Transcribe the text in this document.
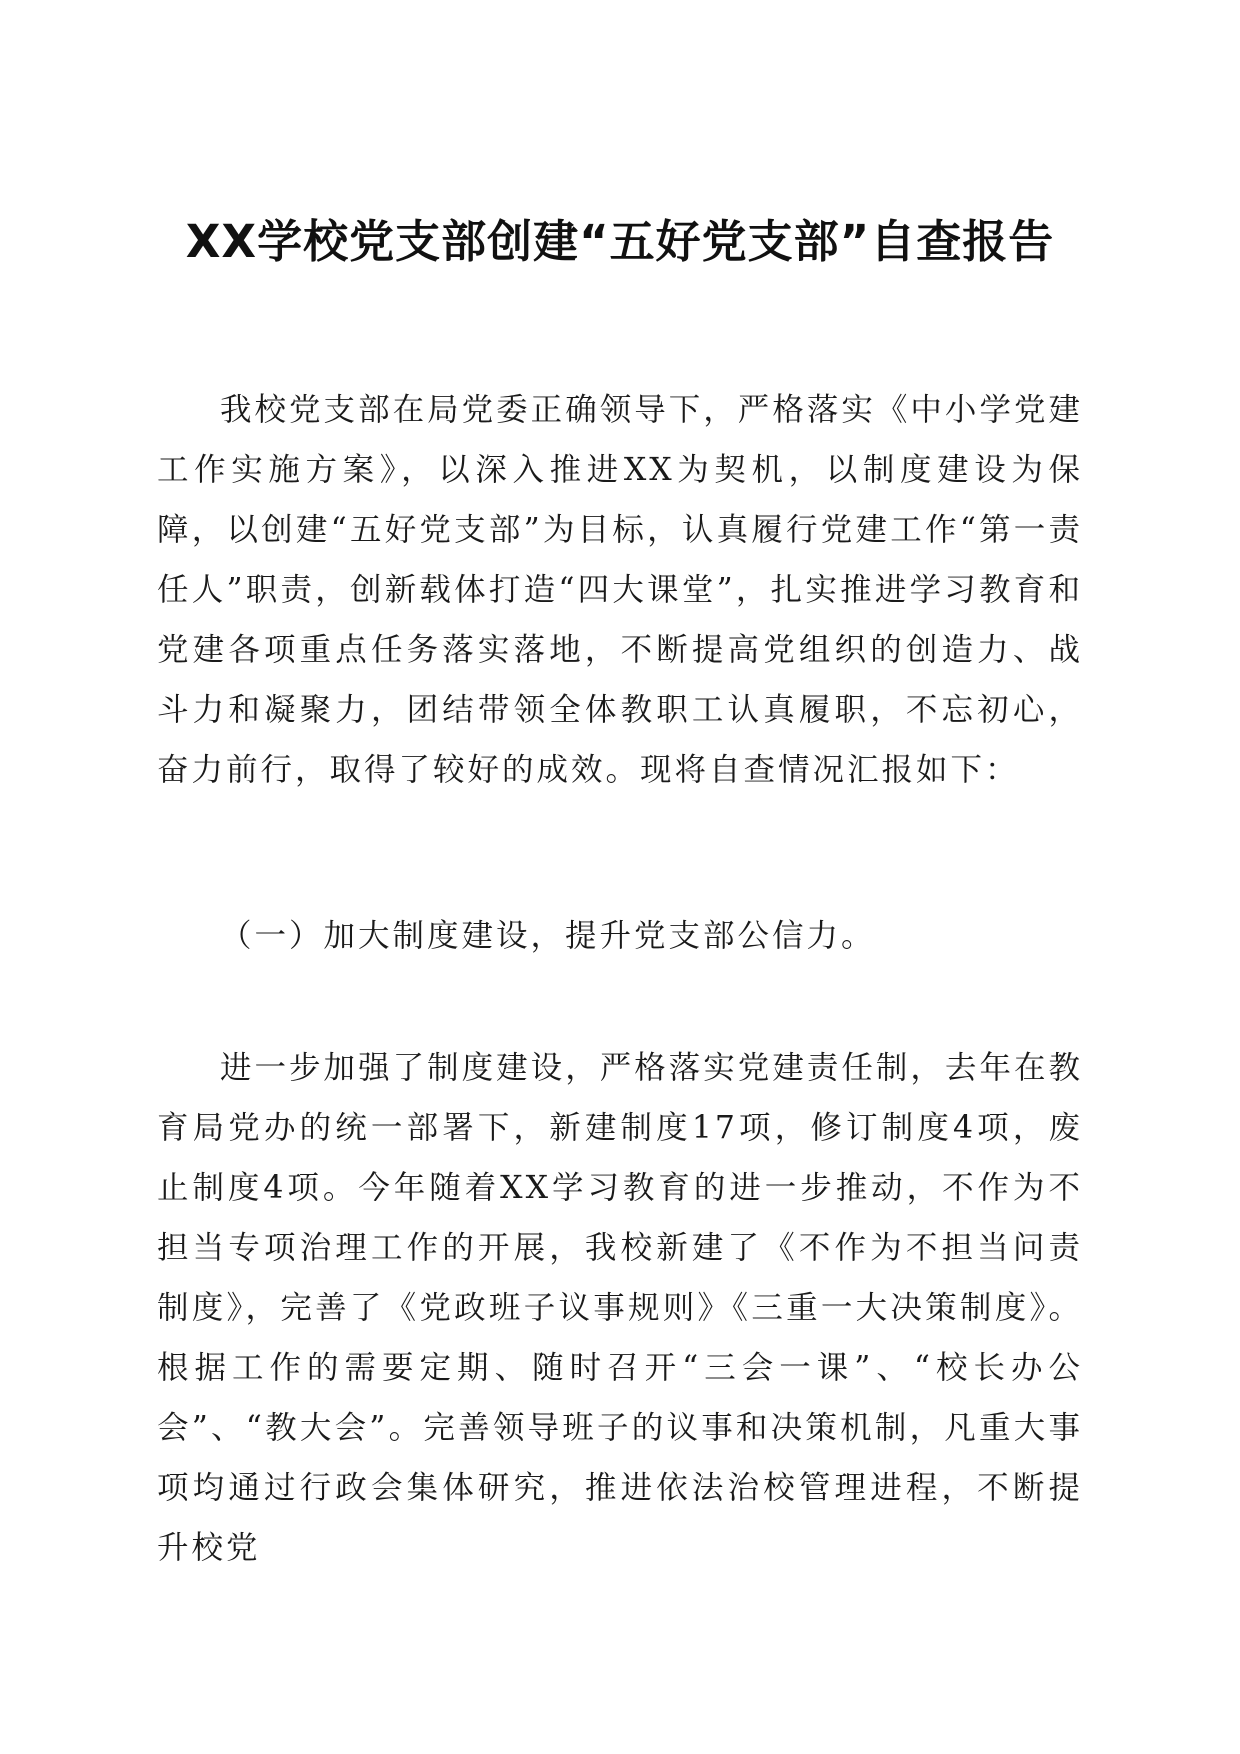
XX学校党支部创建“五好党支部”自查报告

我校党支部在局党委正确领导下，严格落实《中小学党建工作实施方案》，以深入推进XX为契机，以制度建设为保障，以创建“五好党支部”为目标，认真履行党建工作“第一责任人”职责，创新载体打造“四大课堂”，扎实推进学习教育和党建各项重点任务落实落地，不断提高党组织的创造力、战斗力和凝聚力，团结带领全体教职工认真履职，不忘初心，奋力前行，取得了较好的成效。现将自查情况汇报如下：

（一）加大制度建设，提升党支部公信力。

进一步加强了制度建设，严格落实党建责任制，去年在教育局党办的统一部署下，新建制度17项，修订制度4项，废止制度4项。今年随着XX学习教育的进一步推动，不作为不担当专项治理工作的开展，我校新建了《不作为不担当问责制度》，完善了《党政班子议事规则》《三重一大决策制度》。根据工作的需要定期、随时召开“三会一课”、“校长办公会”、“教大会”。完善领导班子的议事和决策机制，凡重大事项均通过行政会集体研究，推进依法治校管理进程，不断提升校党
